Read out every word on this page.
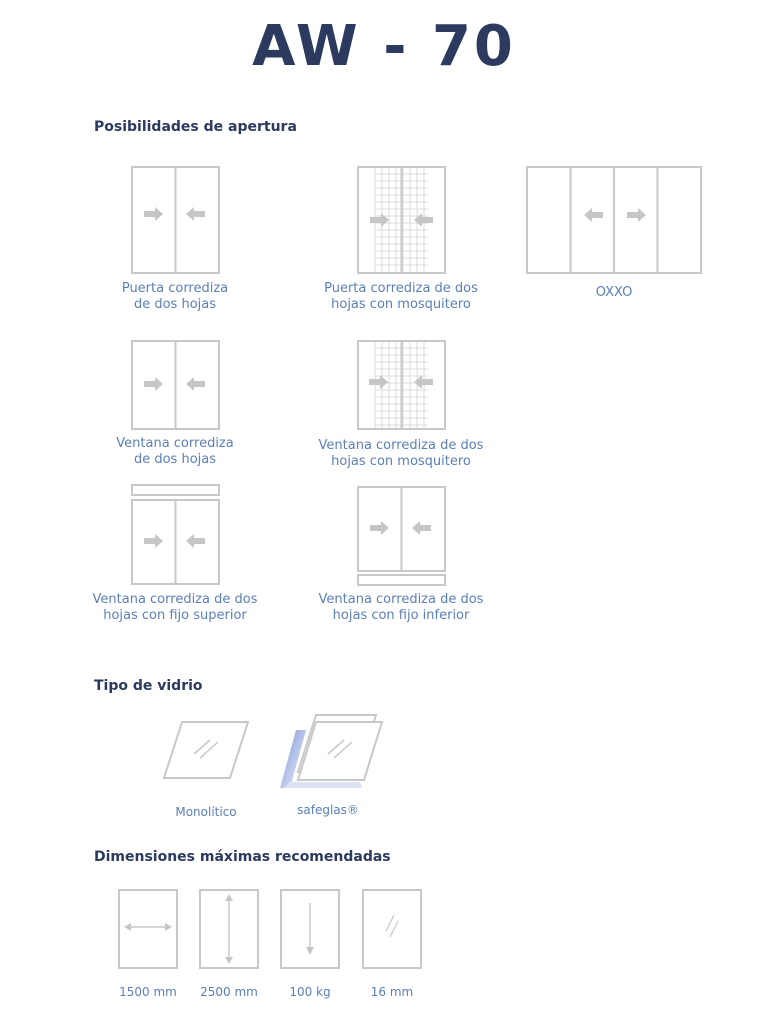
AW - 70
Posibilidades de apertura
Puerta corrediza
de dos hojas
Puerta corrediza de dos
hojas con mosquitero
OXXO
Ventana corrediza
de dos hojas
Ventana corrediza de dos
hojas con mosquitero
Ventana corrediza de dos
hojas con fijo superior
Ventana corrediza de dos
hojas con fijo inferior
Tipo de vidrio
Monolítico	safeglas®
Dimensiones máximas recomendadas
1500 mm	2500 mm	100 kg	16 mm
